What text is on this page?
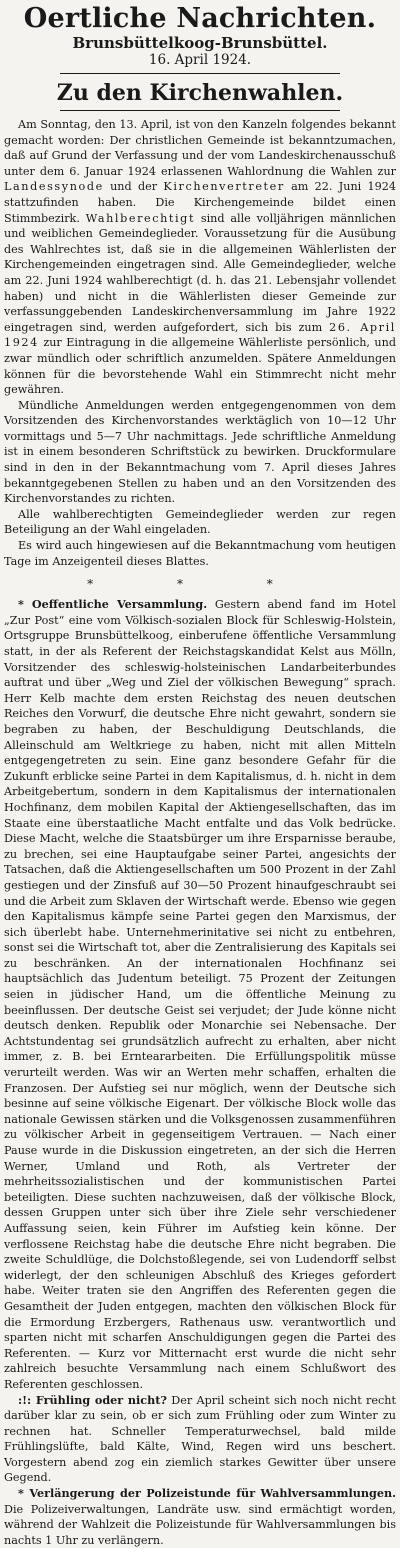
Oertliche Nachrichten.
Brunsbüttelkoog-Brunsbüttel.
16. April 1924.
Zu den Kirchenwahlen.

Am Sonntag, den 13. April, ist von den Kanzeln folgendes bekannt gemacht worden: Der christlichen Gemeinde ist bekanntzumachen, daß auf Grund der Verfassung und der vom Landeskirchenausschuß unter dem 6. Januar 1924 erlassenen Wahlordnung die Wahlen zur Landessynode und der Kirchenvertreter am 22. Juni 1924 stattzufinden haben. Die Kirchengemeinde bildet einen Stimmbezirk. Wahlberechtigt sind alle volljährigen männlichen und weiblichen Gemeindeglieder. Voraussetzung für die Ausübung des Wahlrechtes ist, daß sie in die allgemeinen Wählerlisten der Kirchengemeinden eingetragen sind. Alle Gemeindeglieder, welche am 22. Juni 1924 wahlberechtigt (d. h. das 21. Lebensjahr vollendet haben) und nicht in die Wählerlisten dieser Gemeinde zur verfassunggebenden Landeskirchenversammlung im Jahre 1922 eingetragen sind, werden aufgefordert, sich bis zum 26. April 1924 zur Eintragung in die allgemeine Wählerliste persönlich, und zwar mündlich oder schriftlich anzumelden. Spätere Anmeldungen können für die bevorstehende Wahl ein Stimmrecht nicht mehr gewähren.

Mündliche Anmeldungen werden entgegengenommen von dem Vorsitzenden des Kirchenvorstandes werktäglich von 10—12 Uhr vormittags und 5—7 Uhr nachmittags. Jede schriftliche Anmeldung ist in einem besonderen Schriftstück zu bewirken. Druckformulare sind in den in der Bekanntmachung vom 7. April dieses Jahres bekanntgegebenen Stellen zu haben und an den Vorsitzenden des Kirchenvorstandes zu richten.

Alle wahlberechtigten Gemeindeglieder werden zur regen Beteiligung an der Wahl eingeladen.

Es wird auch hingewiesen auf die Bekanntmachung vom heutigen Tage im Anzeigenteil dieses Blattes.

* * *

* Oeffentliche Versammlung. Gestern abend fand im Hotel „Zur Post“ eine vom Völkisch-sozialen Block für Schleswig-Holstein, Ortsgruppe Brunsbüttelkoog, einberufene öffentliche Versammlung statt, in der als Referent der Reichstagskandidat Kelst aus Mölln, Vorsitzender des schleswig-holsteinischen Landarbeiterbundes auftrat und über „Weg und Ziel der völkischen Bewegung“ sprach. Herr Kelb machte dem ersten Reichstag des neuen deutschen Reiches den Vorwurf, die deutsche Ehre nicht gewahrt, sondern sie begraben zu haben, der Beschuldigung Deutschlands, die Alleinschuld am Weltkriege zu haben, nicht mit allen Mitteln entgegengetreten zu sein. Eine ganz besondere Gefahr für die Zukunft erblicke seine Partei in dem Kapitalismus, d. h. nicht in dem Arbeitgebertum, sondern in dem Kapitalismus der internationalen Hochfinanz, dem mobilen Kapital der Aktiengesellschaften, das im Staate eine überstaatliche Macht entfalte und das Volk bedrücke. Diese Macht, welche die Staatsbürger um ihre Ersparnisse beraube, zu brechen, sei eine Hauptaufgabe seiner Partei, angesichts der Tatsachen, daß die Aktiengesellschaften um 500 Prozent in der Zahl gestiegen und der Zinsfuß auf 30—50 Prozent hinaufgeschraubt sei und die Arbeit zum Sklaven der Wirtschaft werde. Ebenso wie gegen den Kapitalismus kämpfe seine Partei gegen den Marxismus, der sich überlebt habe. Unternehmerinitative sei nicht zu entbehren, sonst sei die Wirtschaft tot, aber die Zentralisierung des Kapitals sei zu beschränken. An der internationalen Hochfinanz sei hauptsächlich das Judentum beteiligt. 75 Prozent der Zeitungen seien in jüdischer Hand, um die öffentliche Meinung zu beeinflussen. Der deutsche Geist sei verjudet; der Jude könne nicht deutsch denken. Republik oder Monarchie sei Nebensache. Der Achtstundentag sei grundsätzlich aufrecht zu erhalten, aber nicht immer, z. B. bei Ernteararbeiten. Die Erfüllungspolitik müsse verurteilt werden. Was wir an Werten mehr schaffen, erhalten die Franzosen. Der Aufstieg sei nur möglich, wenn der Deutsche sich besinne auf seine völkische Eigenart. Der völkische Block wolle das nationale Gewissen stärken und die Volksgenossen zusammenführen zu völkischer Arbeit in gegenseitigem Vertrauen. — Nach einer Pause wurde in die Diskussion eingetreten, an der sich die Herren Werner, Umland und Roth, als Vertreter der mehrheitssozialistischen und der kommunistischen Partei beteiligten. Diese suchten nachzuweisen, daß der völkische Block, dessen Gruppen unter sich über ihre Ziele sehr verschiedener Auffassung seien, kein Führer im Aufstieg kein könne. Der verflossene Reichstag habe die deutsche Ehre nicht begraben. Die zweite Schuldlüge, die Dolchstoßlegende, sei von Ludendorff selbst widerlegt, der den schleunigen Abschluß des Krieges gefordert habe. Weiter traten sie den Angriffen des Referenten gegen die Gesamtheit der Juden entgegen, machten den völkischen Block für die Ermordung Erzbergers, Rathenaus usw. verantwortlich und sparten nicht mit scharfen Anschuldigungen gegen die Partei des Referenten. — Kurz vor Mitternacht erst wurde die nicht sehr zahlreich besuchte Versammlung nach einem Schlußwort des Referenten geschlossen.

:!: Frühling oder nicht? Der April scheint sich noch nicht recht darüber klar zu sein, ob er sich zum Frühling oder zum Winter zu rechnen hat. Schneller Temperaturwechsel, bald milde Frühlingslüfte, bald Kälte, Wind, Regen wird uns beschert. Vorgestern abend zog ein ziemlich starkes Gewitter über unsere Gegend.

* Verlängerung der Polizeistunde für Wahlversammlungen. Die Polizeiverwaltungen, Landräte usw. sind ermächtigt worden, während der Wahlzeit die Polizeistunde für Wahlversammlungen bis nachts 1 Uhr zu verlängern.
